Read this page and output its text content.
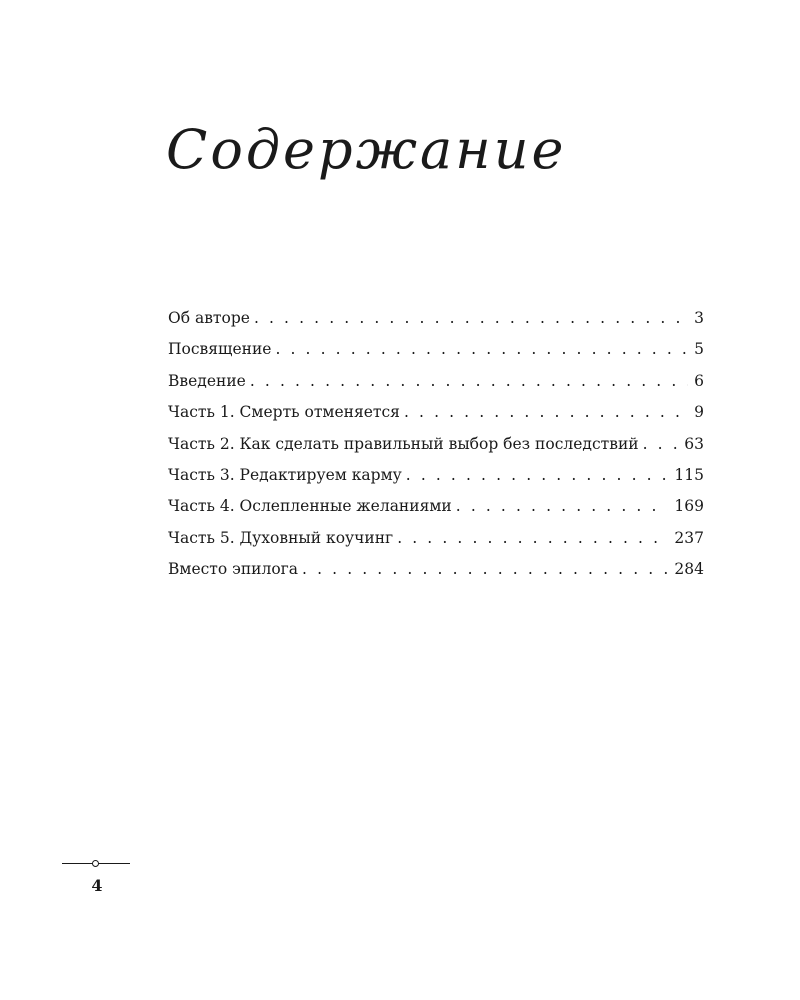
Содержание
Об авторе . . .	3
Посвящение . . .	5
Введение . . .	6
Часть 1. Смерть отменяется . . .	9
Часть 2. Как сделать правильный выбор без последствий . . .	63
Часть 3. Редактируем карму . . .	115
Часть 4. Ослепленные желаниями . . .	169
Часть 5. Духовный коучинг . . .	237
Вместо эпилога . . .	284
4
